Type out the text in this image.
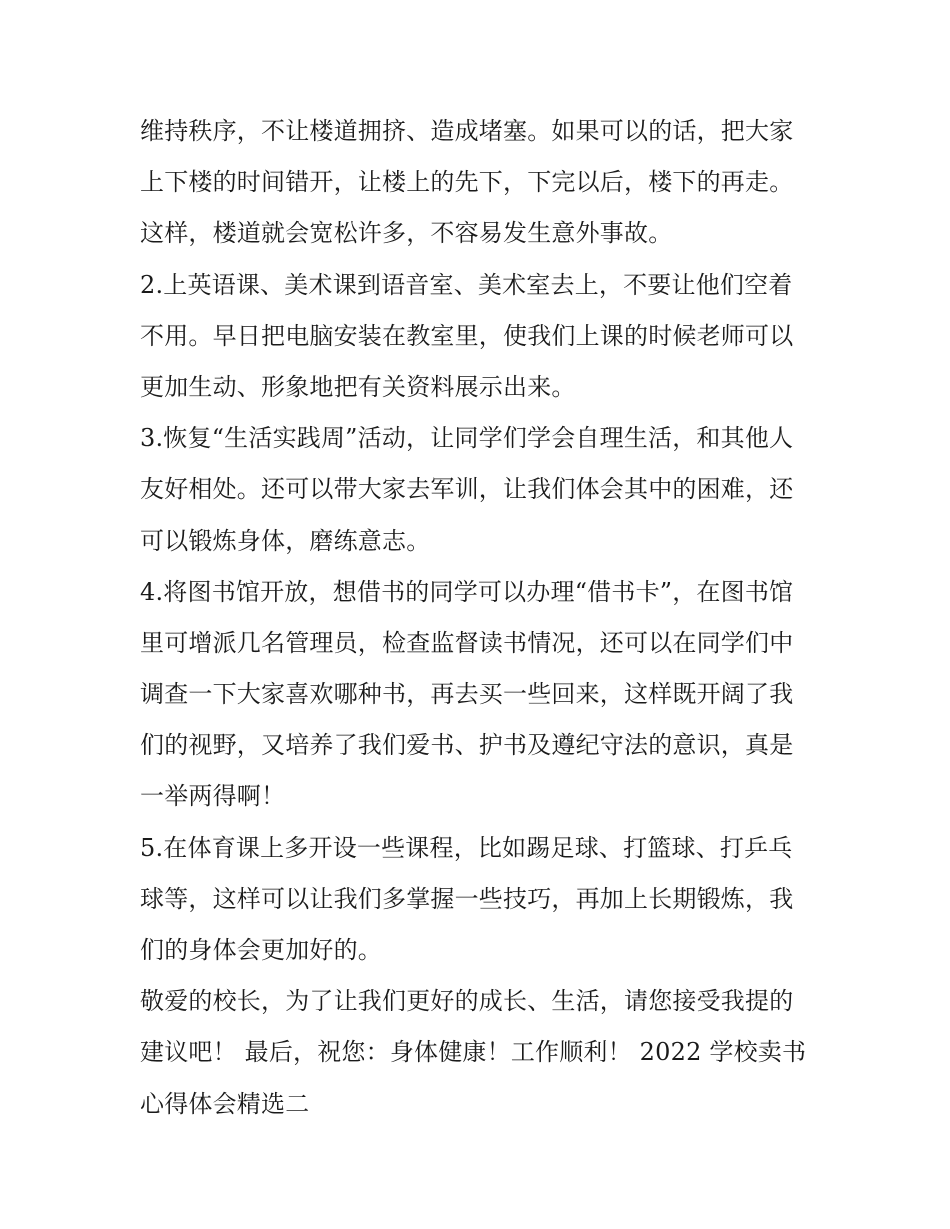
维持秩序，不让楼道拥挤、造成堵塞。如果可以的话，把大家
上下楼的时间错开，让楼上的先下，下完以后，楼下的再走。
这样，楼道就会宽松许多，不容易发生意外事故。
2.上英语课、美术课到语音室、美术室去上，不要让他们空着
不用。早日把电脑安装在教室里，使我们上课的时候老师可以
更加生动、形象地把有关资料展示出来。
3.恢复“生活实践周”活动，让同学们学会自理生活，和其他人
友好相处。还可以带大家去军训，让我们体会其中的困难，还
可以锻炼身体，磨练意志。
4.将图书馆开放，想借书的同学可以办理“借书卡”，在图书馆
里可增派几名管理员，检查监督读书情况，还可以在同学们中
调查一下大家喜欢哪种书，再去买一些回来，这样既开阔了我
们的视野，又培养了我们爱书、护书及遵纪守法的意识，真是
一举两得啊！
5.在体育课上多开设一些课程，比如踢足球、打篮球、打乒乓
球等，这样可以让我们多掌握一些技巧，再加上长期锻炼，我
们的身体会更加好的。
敬爱的校长，为了让我们更好的成长、生活，请您接受我提的
建议吧！ 最后，祝您：身体健康！工作顺利！ 2022 学校卖书
心得体会精选二
